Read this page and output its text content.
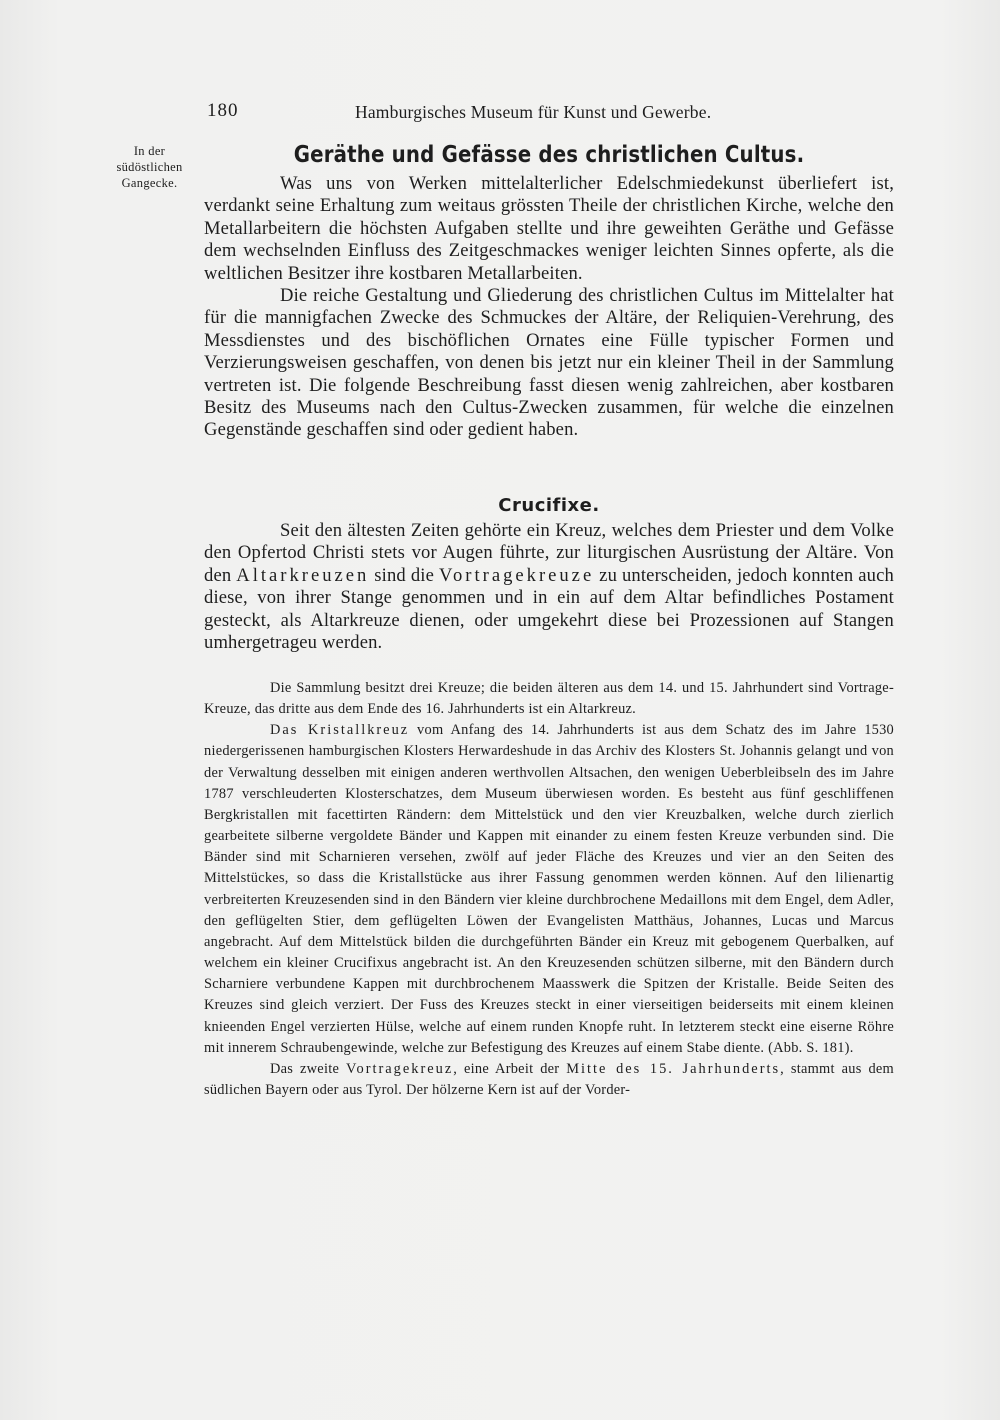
180	Hamburgisches Museum für Kunst und Gewerbe.
In der
südöstlichen
Gangecke.
Geräthe und Gefässe des christlichen Cultus.

Was uns von Werken mittelalterlicher Edelschmiedekunst überliefert ist, verdankt seine Erhaltung zum weitaus grössten Theile der christlichen Kirche, welche den Metallarbeitern die höchsten Aufgaben stellte und ihre geweihten Geräthe und Gefässe dem wechselnden Einfluss des Zeitgeschmackes weniger leichten Sinnes opferte, als die weltlichen Besitzer ihre kostbaren Metallarbeiten.

Die reiche Gestaltung und Gliederung des christlichen Cultus im Mittelalter hat für die mannigfachen Zwecke des Schmuckes der Altäre, der Reliquien-Verehrung, des Messdienstes und des bischöflichen Ornates eine Fülle typischer Formen und Verzierungsweisen geschaffen, von denen bis jetzt nur ein kleiner Theil in der Sammlung vertreten ist. Die folgende Beschreibung fasst diesen wenig zahlreichen, aber kostbaren Besitz des Museums nach den Cultus-Zwecken zusammen, für welche die einzelnen Gegenstände geschaffen sind oder gedient haben.

Crucifixe.

Seit den ältesten Zeiten gehörte ein Kreuz, welches dem Priester und dem Volke den Opfertod Christi stets vor Augen führte, zur liturgischen Ausrüstung der Altäre. Von den Altarkreuzen sind die Vortragekreuze zu unterscheiden, jedoch konnten auch diese, von ihrer Stange genommen und in ein auf dem Altar befindliches Postament gesteckt, als Altarkreuze dienen, oder umgekehrt diese bei Prozessionen auf Stangen umhergetrageu werden.

Die Sammlung besitzt drei Kreuze; die beiden älteren aus dem 14. und 15. Jahrhundert sind Vortrage-Kreuze, das dritte aus dem Ende des 16. Jahrhunderts ist ein Altarkreuz.

Das Kristallkreuz vom Anfang des 14. Jahrhunderts ist aus dem Schatz des im Jahre 1530 niedergerissenen hamburgischen Klosters Herwardeshude in das Archiv des Klosters St. Johannis gelangt und von der Verwaltung desselben mit einigen anderen werthvollen Altsachen, den wenigen Ueberbleibseln des im Jahre 1787 verschleuderten Klosterschatzes, dem Museum überwiesen worden. Es besteht aus fünf geschliffenen Bergkristallen mit facettirten Rändern: dem Mittelstück und den vier Kreuzbalken, welche durch zierlich gearbeitete silberne vergoldete Bänder und Kappen mit einander zu einem festen Kreuze verbunden sind. Die Bänder sind mit Scharnieren versehen, zwölf auf jeder Fläche des Kreuzes und vier an den Seiten des Mittelstückes, so dass die Kristallstücke aus ihrer Fassung genommen werden können. Auf den lilienartig verbreiterten Kreuzesenden sind in den Bändern vier kleine durchbrochene Medaillons mit dem Engel, dem Adler, den geflügelten Stier, dem geflügelten Löwen der Evangelisten Matthäus, Johannes, Lucas und Marcus angebracht. Auf dem Mittelstück bilden die durchgeführten Bänder ein Kreuz mit gebogenem Querbalken, auf welchem ein kleiner Crucifixus angebracht ist. An den Kreuzesenden schützen silberne, mit den Bändern durch Scharniere verbundene Kappen mit durchbrochenem Maasswerk die Spitzen der Kristalle. Beide Seiten des Kreuzes sind gleich verziert. Der Fuss des Kreuzes steckt in einer vierseitigen beiderseits mit einem kleinen knieenden Engel verzierten Hülse, welche auf einem runden Knopfe ruht. In letzterem steckt eine eiserne Röhre mit innerem Schraubengewinde, welche zur Befestigung des Kreuzes auf einem Stabe diente. (Abb. S. 181).

Das zweite Vortragekreuz, eine Arbeit der Mitte des 15. Jahrhunderts, stammt aus dem südlichen Bayern oder aus Tyrol. Der hölzerne Kern ist auf der Vorder-
